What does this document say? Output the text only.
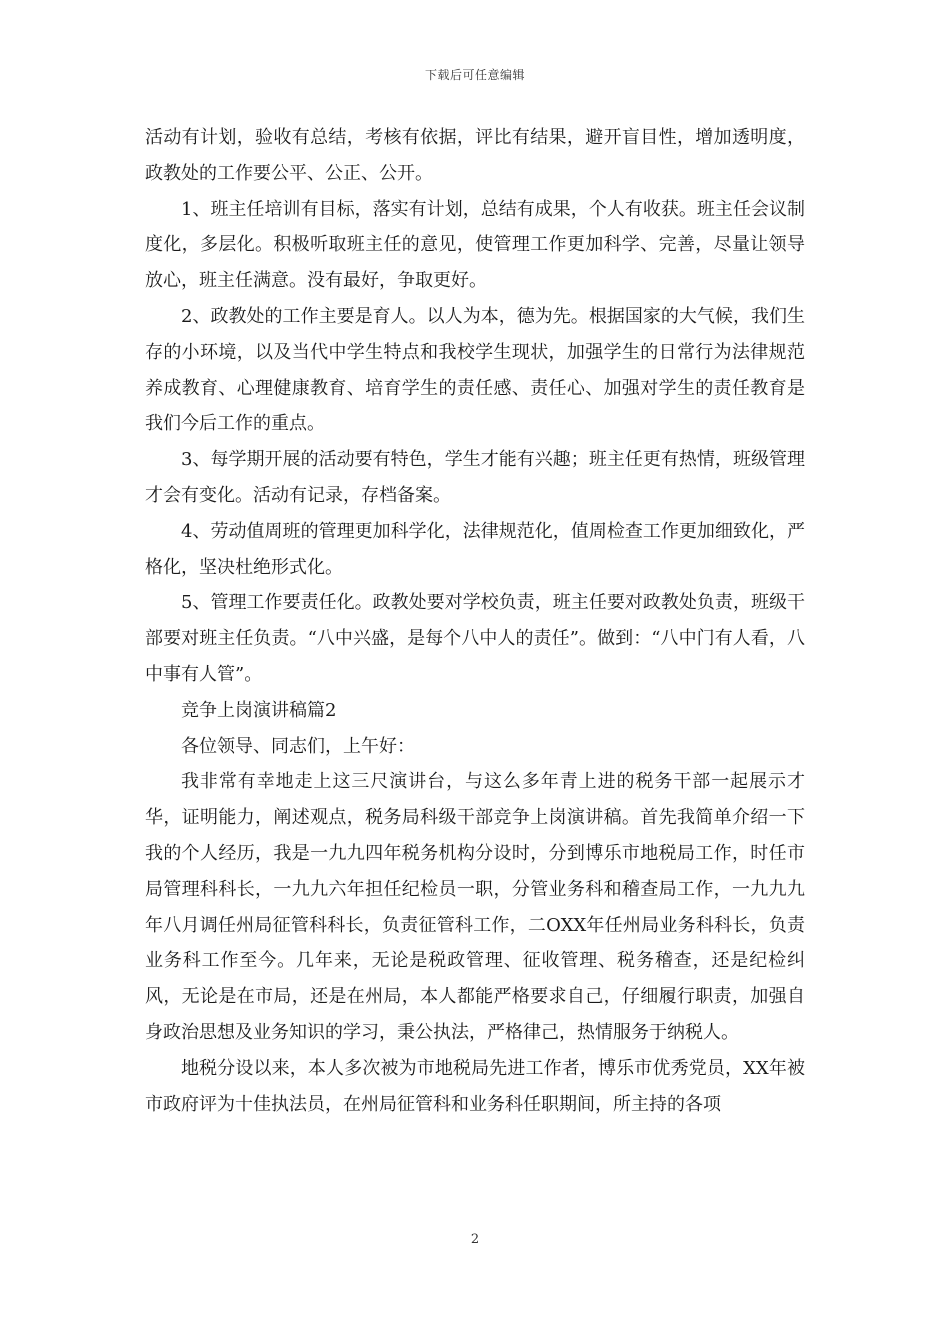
下载后可任意编辑

活动有计划，验收有总结，考核有依据，评比有结果，避开盲目性，增加透明度，政教处的工作要公平、公正、公开。

1、班主任培训有目标，落实有计划，总结有成果，个人有收获。班主任会议制度化，多层化。积极听取班主任的意见，使管理工作更加科学、完善，尽量让领导放心，班主任满意。没有最好，争取更好。

2、政教处的工作主要是育人。以人为本，德为先。根据国家的大气候，我们生存的小环境，以及当代中学生特点和我校学生现状，加强学生的日常行为法律规范养成教育、心理健康教育、培育学生的责任感、责任心、加强对学生的责任教育是我们今后工作的重点。

3、每学期开展的活动要有特色，学生才能有兴趣；班主任更有热情，班级管理才会有变化。活动有记录，存档备案。

4、劳动值周班的管理更加科学化，法律规范化，值周检查工作更加细致化，严格化，坚决杜绝形式化。

5、管理工作要责任化。政教处要对学校负责，班主任要对政教处负责，班级干部要对班主任负责。“八中兴盛，是每个八中人的责任”。做到：“八中门有人看，八中事有人管”。

竞争上岗演讲稿篇2

各位领导、同志们，上午好：

我非常有幸地走上这三尺演讲台，与这么多年青上进的税务干部一起展示才华，证明能力，阐述观点，税务局科级干部竞争上岗演讲稿。首先我简单介绍一下我的个人经历，我是一九九四年税务机构分设时，分到博乐市地税局工作，时任市局管理科科长，一九九六年担任纪检员一职，分管业务科和稽查局工作，一九九九年八月调任州局征管科科长，负责征管科工作，二OXX年任州局业务科科长，负责业务科工作至今。几年来，无论是税政管理、征收管理、税务稽查，还是纪检纠风，无论是在市局，还是在州局，本人都能严格要求自己，仔细履行职责，加强自身政治思想及业务知识的学习，秉公执法，严格律己，热情服务于纳税人。

地税分设以来，本人多次被为市地税局先进工作者，博乐市优秀党员，XX年被市政府评为十佳执法员，在州局征管科和业务科任职期间，所主持的各项

2
